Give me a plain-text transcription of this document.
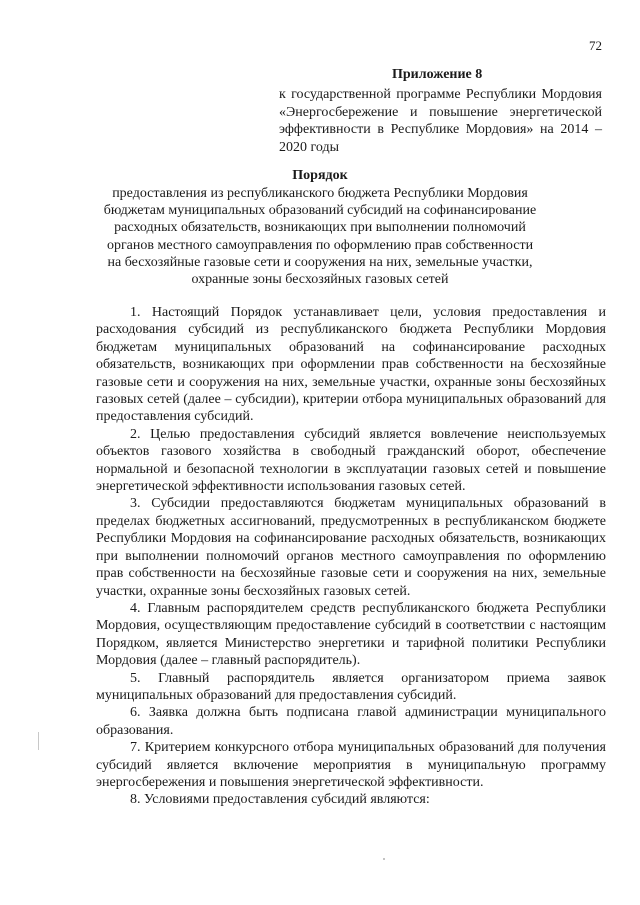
72
Приложение 8
к государственной программе Республики Мордовия «Энергосбережение и повышение энергетической эффективности в Республике Мордовия» на 2014 – 2020 годы
Порядок
предоставления из республиканского бюджета Республики Мордовия бюджетам муниципальных образований субсидий на софинансирование расходных обязательств, возникающих при выполнении полномочий органов местного самоуправления по оформлению прав собственности на бесхозяйные газовые сети и сооружения на них, земельные участки, охранные зоны бесхозяйных газовых сетей

1. Настоящий Порядок устанавливает цели, условия предоставления и расходования субсидий из республиканского бюджета Республики Мордовия бюджетам муниципальных образований на софинансирование расходных обязательств, возникающих при оформлении прав собственности на бесхозяйные газовые сети и сооружения на них, земельные участки, охранные зоны бесхозяйных газовых сетей (далее – субсидии), критерии отбора муниципальных образований для предоставления субсидий.

2. Целью предоставления субсидий является вовлечение неиспользуемых объектов газового хозяйства в свободный гражданский оборот, обеспечение нормальной и безопасной технологии в эксплуатации газовых сетей и повышение энергетической эффективности использования газовых сетей.

3. Субсидии предоставляются бюджетам муниципальных образований в пределах бюджетных ассигнований, предусмотренных в республиканском бюджете Республики Мордовия на софинансирование расходных обязательств, возникающих при выполнении полномочий органов местного самоуправления по оформлению прав собственности на бесхозяйные газовые сети и сооружения на них, земельные участки, охранные зоны бесхозяйных газовых сетей.

4. Главным распорядителем средств республиканского бюджета Республики Мордовия, осуществляющим предоставление субсидий в соответствии с настоящим Порядком, является Министерство энергетики и тарифной политики Республики Мордовия (далее – главный распорядитель).

5. Главный распорядитель является организатором приема заявок муниципальных образований для предоставления субсидий.

6. Заявка должна быть подписана главой администрации муниципального образования.

7. Критерием конкурсного отбора муниципальных образований для получения субсидий является включение мероприятия в муниципальную программу энергосбережения и повышения энергетической эффективности.

8. Условиями предоставления субсидий являются:
